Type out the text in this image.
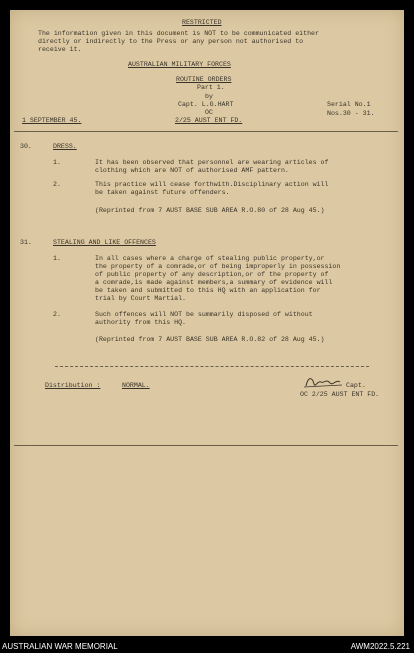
RESTRICTED
The information given in this document is NOT to be communicated either
directly or indirectly to the Press or any person not authorised to
receive it.
AUSTRALIAN MILITARY FORCES
ROUTINE ORDERS
Part 1.
by
Capt. L.G.HART
OC
1 SEPTEMBER 45.	2/25 AUST ENT FD.
Serial No.1
Nos.30 - 31.
30.	DRESS.
1.	It has been observed that personnel are wearing articles of
clothing which are NOT of authorised AMF pattern.
2.	This practice will cease forthwith.Disciplinary action will
be taken against future offenders.
(Reprinted from 7 AUST BASE SUB AREA R.O.80 of 28 Aug 45.)
31.	STEALING AND LIKE OFFENCES
1.	In all cases where a charge of stealing public property,or
the property of a comrade,or of being improperly in possession
of public property of any description,or of the property of
a comrade,is made against members,a summary of evidence will
be taken and submitted to this HQ with an application for
trial by Court Martial.
2.	Such offences will NOT be summarily disposed of without
authority from this HQ.
(Reprinted from 7 AUST BASE SUB AREA R.O.82 of 28 Aug 45.)
Distribution :	NORMAL.	Capt.
OC 2/25 AUST ENT FD.
AUSTRALIAN WAR MEMORIAL	AWM2022.5.221
